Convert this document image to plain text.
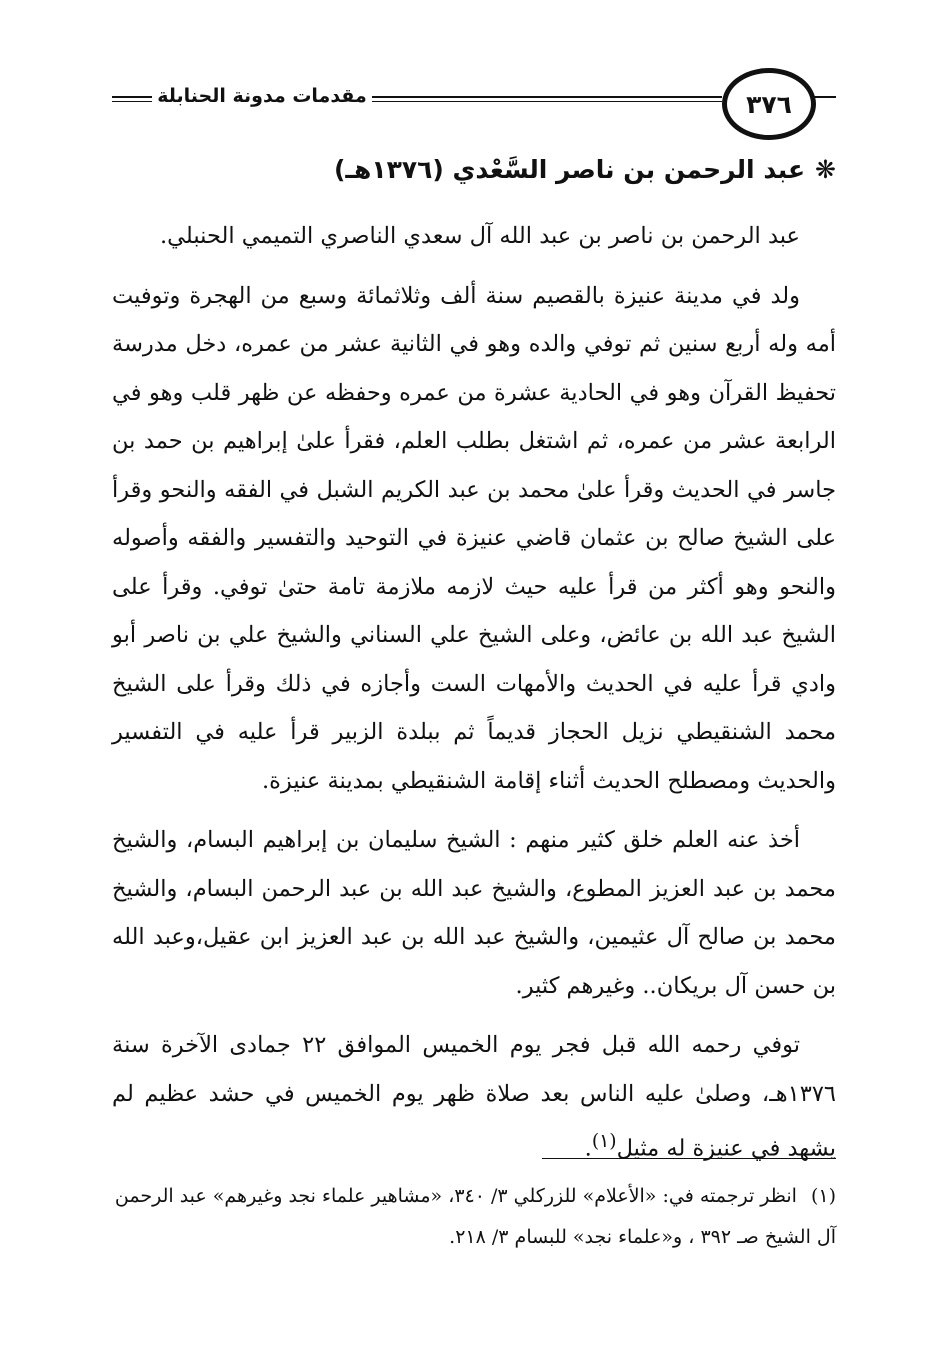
مقدمات مدونة الحنابلة	٣٧٦
❋عبد الرحمن بن ناصر السَّعْدي (١٣٧٦هـ)

عبد الرحمن بن ناصر بن عبد الله آل سعدي الناصري التميمي الحنبلي.

ولد في مدينة عنيزة بالقصيم سنة ألف وثلاثمائة وسبع من الهجرة وتوفيت أمه وله أربع سنين ثم توفي والده وهو في الثانية عشر من عمره، دخل مدرسة تحفيظ القرآن وهو في الحادية عشرة من عمره وحفظه عن ظهر قلب وهو في الرابعة عشر من عمره، ثم اشتغل بطلب العلم، فقرأ علىٰ إبراهيم بن حمد بن جاسر في الحديث وقرأ علىٰ محمد بن عبد الكريم الشبل في الفقه والنحو وقرأ على الشيخ صالح بن عثمان قاضي عنيزة في التوحيد والتفسير والفقه وأصوله والنحو وهو أكثر من قرأ عليه حيث لازمه ملازمة تامة حتىٰ توفي. وقرأ على الشيخ عبد الله بن عائض، وعلى الشيخ علي السناني والشيخ علي بن ناصر أبو وادي قرأ عليه في الحديث والأمهات الست وأجازه في ذلك وقرأ على الشيخ محمد الشنقيطي نزيل الحجاز قديماً ثم ببلدة الزبير قرأ عليه في التفسير والحديث ومصطلح الحديث أثناء إقامة الشنقيطي بمدينة عنيزة.

أخذ عنه العلم خلق كثير منهم : الشيخ سليمان بن إبراهيم البسام، والشيخ محمد بن عبد العزيز المطوع، والشيخ عبد الله بن عبد الرحمن البسام، والشيخ محمد بن صالح آل عثيمين، والشيخ عبد الله بن عبد العزيز ابن عقيل،وعبد الله بن حسن آل بريكان.. وغيرهم كثير.

توفي رحمه الله قبل فجر يوم الخميس الموافق ٢٢ جمادى الآخرة سنة ١٣٧٦هـ، وصلىٰ عليه الناس بعد صلاة ظهر يوم الخميس في حشد عظيم لم يشهد في عنيزة له مثيل$^{(١)}$.

(١)انظر ترجمته في: «الأعلام» للزركلي ٣/ ٣٤٠، «مشاهير علماء نجد وغيرهم» عبد الرحمن آل الشيخ صـ ٣٩٢ ، و«علماء نجد» للبسام ٣/ ٢١٨.
